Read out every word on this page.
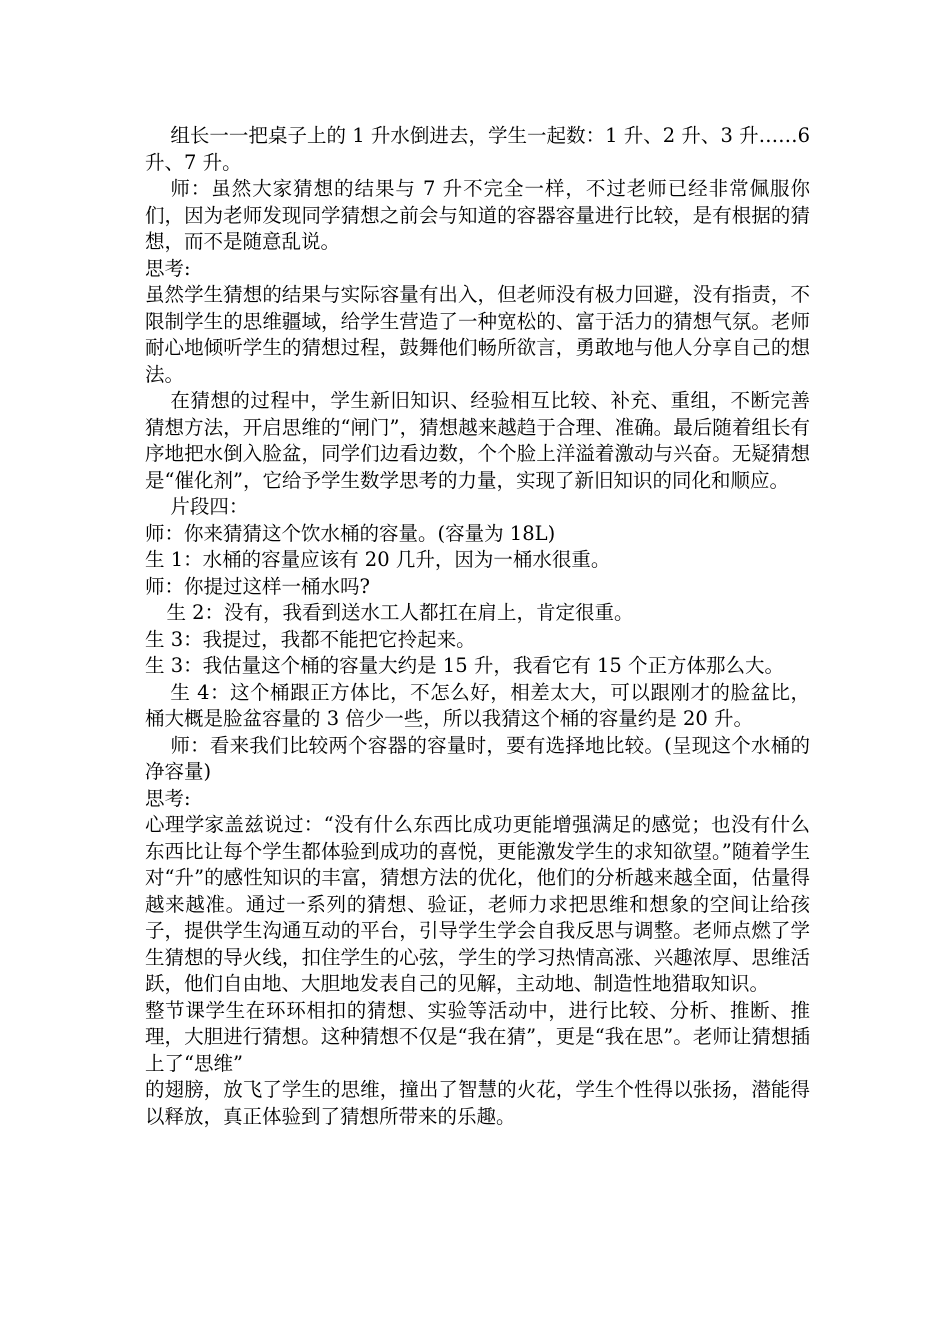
组长一一把桌子上的 1 升水倒进去，学生一起数：1 升、2 升、3 升……6 升、7 升。

师：虽然大家猜想的结果与 7 升不完全一样，不过老师已经非常佩服你们，因为老师发现同学猜想之前会与知道的容器容量进行比较，是有根据的猜想，而不是随意乱说。

思考:

虽然学生猜想的结果与实际容量有出入，但老师没有极力回避，没有指责，不限制学生的思维疆域，给学生营造了一种宽松的、富于活力的猜想气氛。老师耐心地倾听学生的猜想过程，鼓舞他们畅所欲言，勇敢地与他人分享自己的想法。

在猜想的过程中，学生新旧知识、经验相互比较、补充、重组，不断完善猜想方法，开启思维的“闸门”，猜想越来越趋于合理、准确。最后随着组长有序地把水倒入脸盆，同学们边看边数，个个脸上洋溢着激动与兴奋。无疑猜想是“催化剂”，它给予学生数学思考的力量，实现了新旧知识的同化和顺应。

片段四：

师：你来猜猜这个饮水桶的容量。(容量为 18L)

生 1：水桶的容量应该有 20 几升，因为一桶水很重。

师：你提过这样一桶水吗?

生 2：没有，我看到送水工人都扛在肩上，肯定很重。

生 3：我提过，我都不能把它拎起来。

生 3：我估量这个桶的容量大约是 15 升，我看它有 15 个正方体那么大。

生 4：这个桶跟正方体比，不怎么好，相差太大，可以跟刚才的脸盆比，桶大概是脸盆容量的 3 倍少一些，所以我猜这个桶的容量约是 20 升。

师：看来我们比较两个容器的容量时，要有选择地比较。(呈现这个水桶的净容量)

思考:

心理学家盖兹说过：“没有什么东西比成功更能增强满足的感觉；也没有什么东西比让每个学生都体验到成功的喜悦，更能激发学生的求知欲望。”随着学生对“升”的感性知识的丰富，猜想方法的优化，他们的分析越来越全面，估量得越来越准。通过一系列的猜想、验证，老师力求把思维和想象的空间让给孩子，提供学生沟通互动的平台，引导学生学会自我反思与调整。老师点燃了学生猜想的导火线，扣住学生的心弦，学生的学习热情高涨、兴趣浓厚、思维活跃，他们自由地、大胆地发表自己的见解，主动地、制造性地猎取知识。

整节课学生在环环相扣的猜想、实验等活动中，进行比较、分析、推断、推理，大胆进行猜想。这种猜想不仅是“我在猜”，更是“我在思”。老师让猜想插上了“思维”

的翅膀，放飞了学生的思维，撞出了智慧的火花，学生个性得以张扬，潜能得以释放，真正体验到了猜想所带来的乐趣。
